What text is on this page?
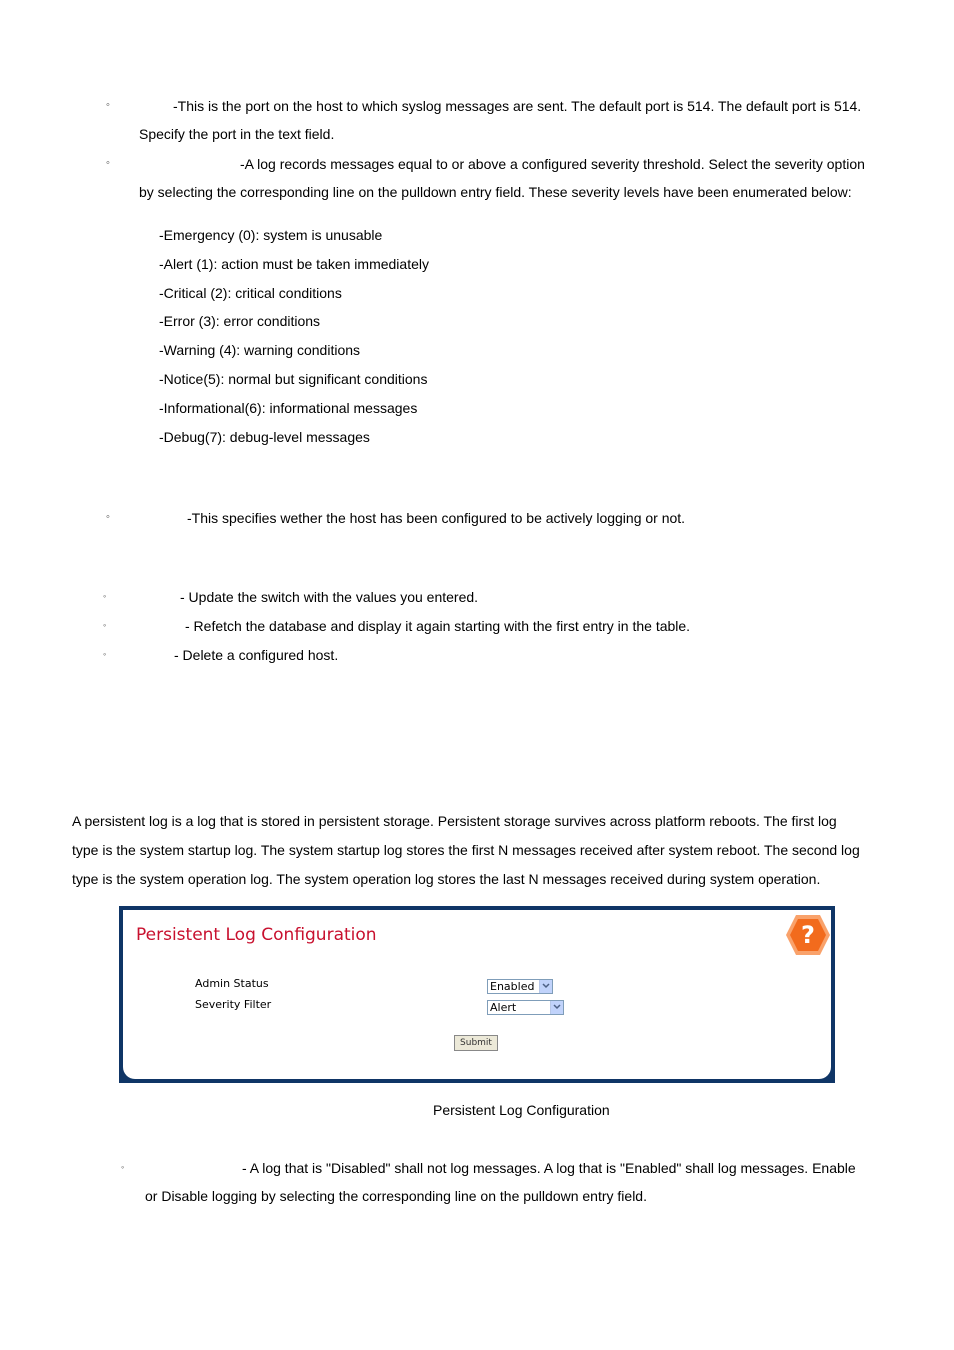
◦	-This is the port on the host to which syslog messages are sent. The default port is 514. The default port is 514.
Specify the port in the text field.
◦	-A log records messages equal to or above a configured severity threshold. Select the severity option
by selecting the corresponding line on the pulldown entry field. These severity levels have been enumerated below:
-Emergency (0): system is unusable
-Alert (1): action must be taken immediately
-Critical (2): critical conditions
-Error (3): error conditions
-Warning (4): warning conditions
-Notice(5): normal but significant conditions
-Informational(6): informational messages
-Debug(7): debug-level messages
◦	-This specifies wether the host has been configured to be actively logging or not.
◦	- Update the switch with the values you entered.
◦	- Refetch the database and display it again starting with the first entry in the table.
◦	- Delete a configured host.
A persistent log is a log that is stored in persistent storage. Persistent storage survives across platform reboots. The first log
type is the system startup log. The system startup log stores the first N messages received after system reboot. The second log
type is the system operation log. The system operation log stores the last N messages received during system operation.
Persistent Log Configuration	?
Admin Status	Enabled
Severity Filter	Alert
Submit
Persistent Log Configuration
◦	- A log that is "Disabled" shall not log messages. A log that is "Enabled" shall log messages. Enable
or Disable logging by selecting the corresponding line on the pulldown entry field.
